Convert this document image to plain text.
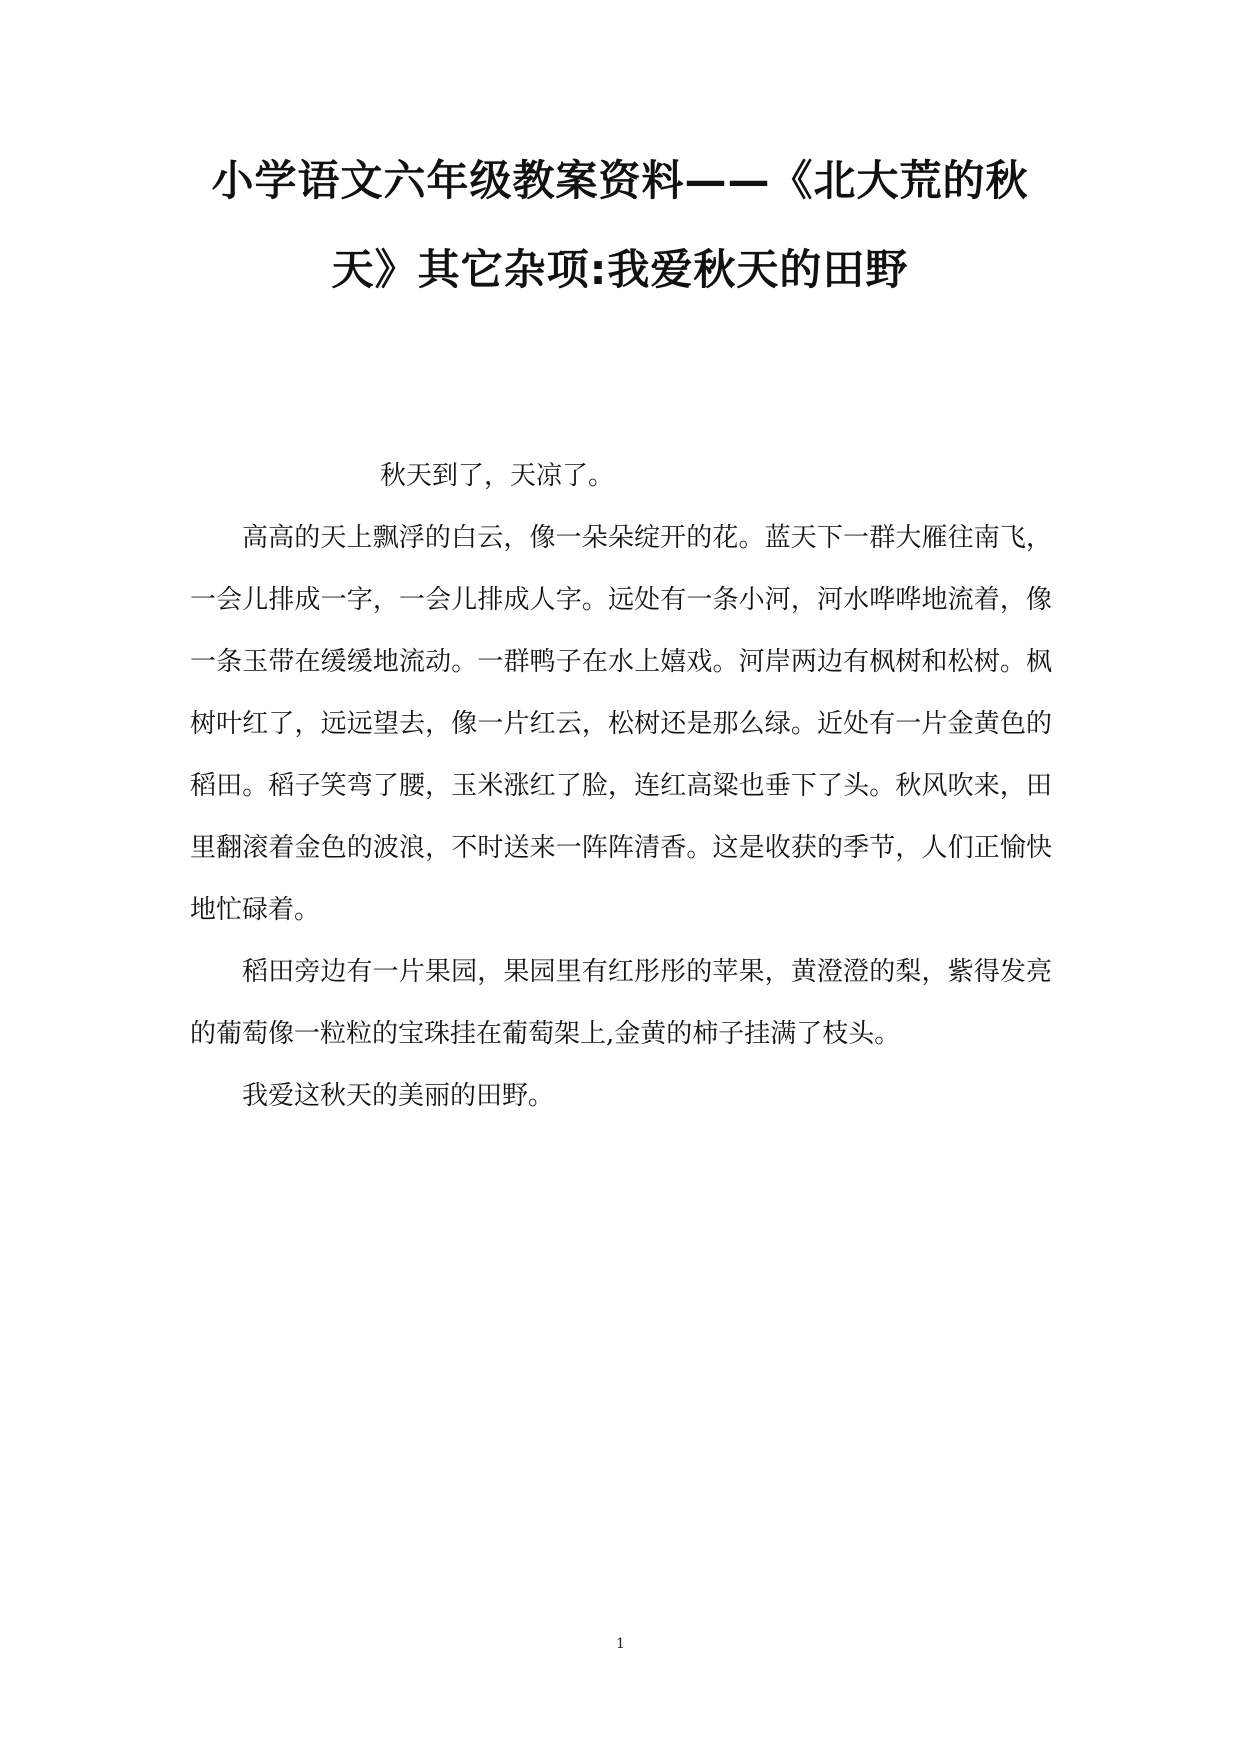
小学语文六年级教案资料——《北大荒的秋

天》其它杂项:我爱秋天的田野

秋天到了，天凉了。

高高的天上飘浮的白云，像一朵朵绽开的花。蓝天下一群大雁往南飞，一会儿排成一字，一会儿排成人字。远处有一条小河，河水哗哗地流着，像一条玉带在缓缓地流动。一群鸭子在水上嬉戏。河岸两边有枫树和松树。枫树叶红了，远远望去，像一片红云，松树还是那么绿。近处有一片金黄色的稻田。稻子笑弯了腰，玉米涨红了脸，连红高粱也垂下了头。秋风吹来，田里翻滚着金色的波浪，不时送来一阵阵清香。这是收获的季节，人们正愉快地忙碌着。

稻田旁边有一片果园，果园里有红彤彤的苹果，黄澄澄的梨，紫得发亮的葡萄像一粒粒的宝珠挂在葡萄架上,金黄的柿子挂满了枝头。

我爱这秋天的美丽的田野。

1
